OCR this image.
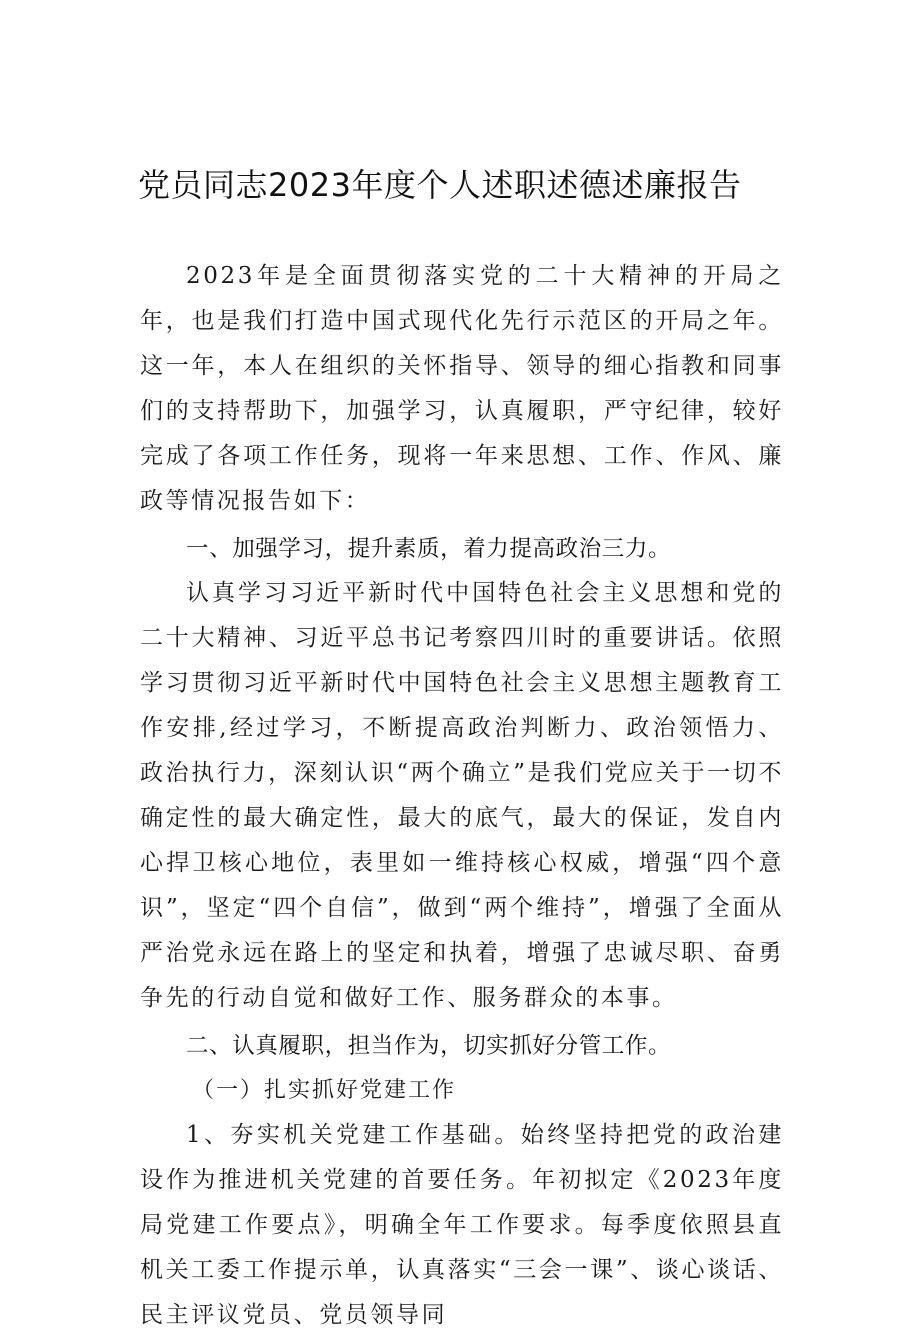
党员同志2023年度个人述职述德述廉报告

2023年是全面贯彻落实党的二十大精神的开局之年，也是我们打造中国式现代化先行示范区的开局之年。这一年，本人在组织的关怀指导、领导的细心指教和同事们的支持帮助下，加强学习，认真履职，严守纪律，较好完成了各项工作任务，现将一年来思想、工作、作风、廉政等情况报告如下：

一、加强学习，提升素质，着力提高政治三力。

认真学习习近平新时代中国特色社会主义思想和党的二十大精神、习近平总书记考察四川时的重要讲话。依照学习贯彻习近平新时代中国特色社会主义思想主题教育工作安排,经过学习，不断提高政治判断力、政治领悟力、政治执行力，深刻认识“两个确立”是我们党应关于一切不确定性的最大确定性，最大的底气，最大的保证，发自内心捍卫核心地位，表里如一维持核心权威，增强“四个意识”，坚定“四个自信”，做到“两个维持”，增强了全面从严治党永远在路上的坚定和执着，增强了忠诚尽职、奋勇争先的行动自觉和做好工作、服务群众的本事。

二、认真履职，担当作为，切实抓好分管工作。

（一）扎实抓好党建工作

1、夯实机关党建工作基础。始终坚持把党的政治建设作为推进机关党建的首要任务。年初拟定《2023年度局党建工作要点》，明确全年工作要求。每季度依照县直机关工委工作提示单，认真落实“三会一课”、谈心谈话、民主评议党员、党员领导同
